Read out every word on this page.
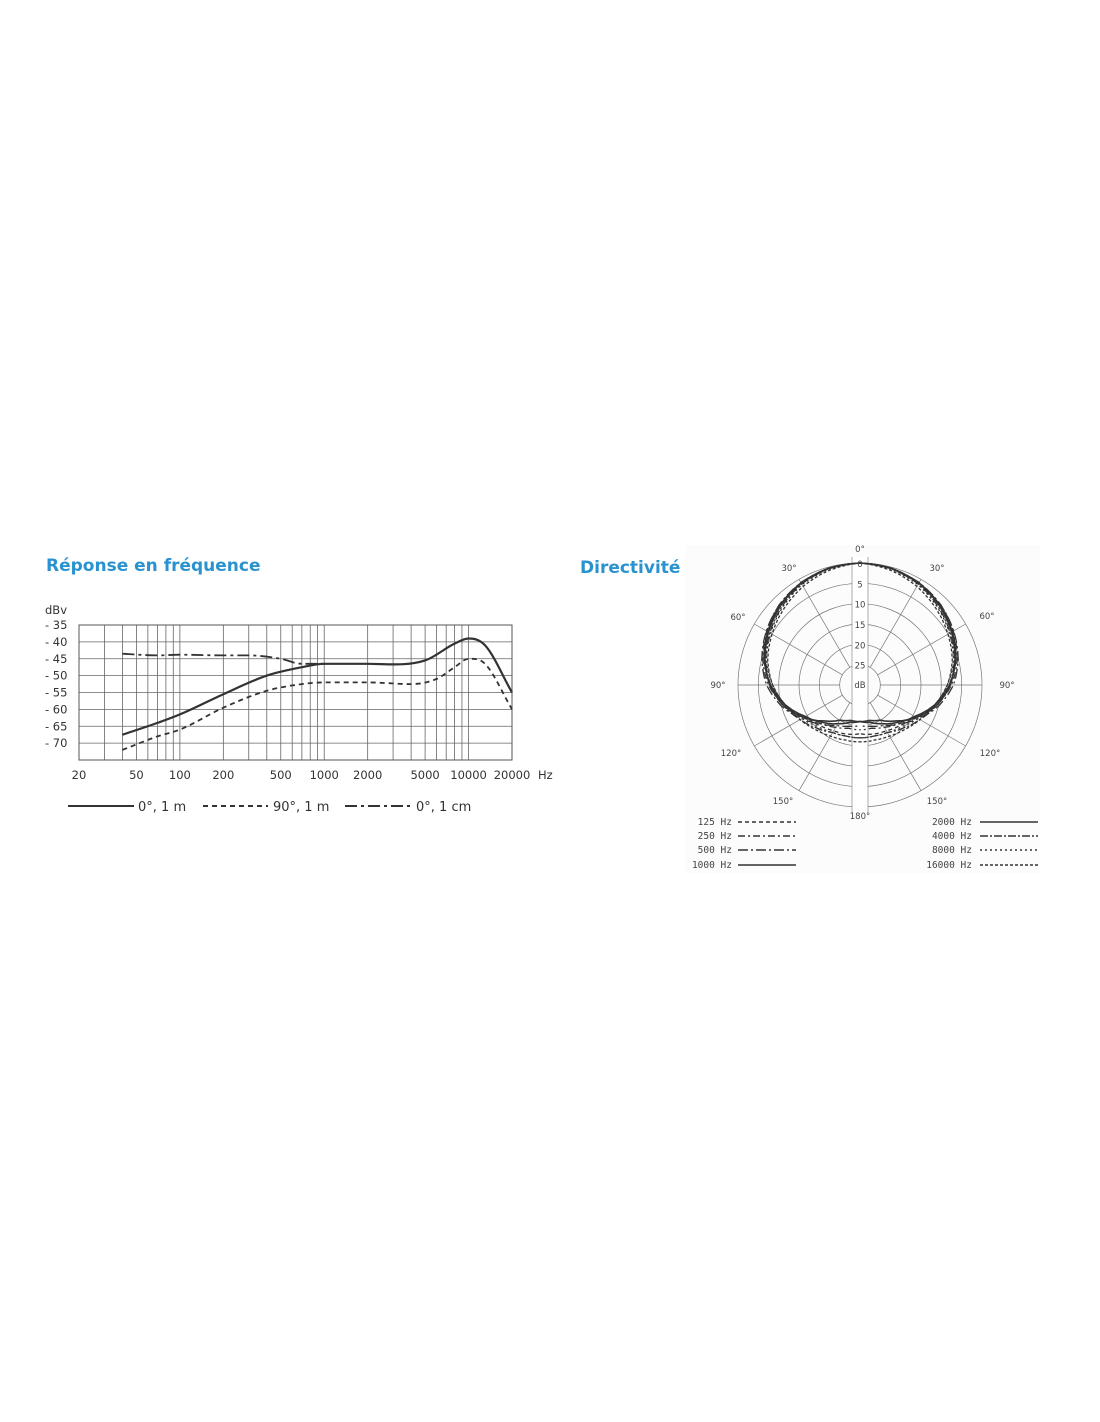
Réponse en fréquence	Directivité
dBv
- 35
- 40
- 45
- 50
- 55
- 60
- 65
- 70
20	50 100 200	500 1000 2000 5000 10000 20000 Hz
0°, 1 m	90°, 1 m	0°, 1 cm
0
5
10
15
20
25
dB
0°
30°
60°
90°
120°
150°
180°
150°
120°
90°
60°
30°
125 Hz
250 Hz
500 Hz
1000 Hz
2000 Hz
4000 Hz
8000 Hz
16000 Hz
